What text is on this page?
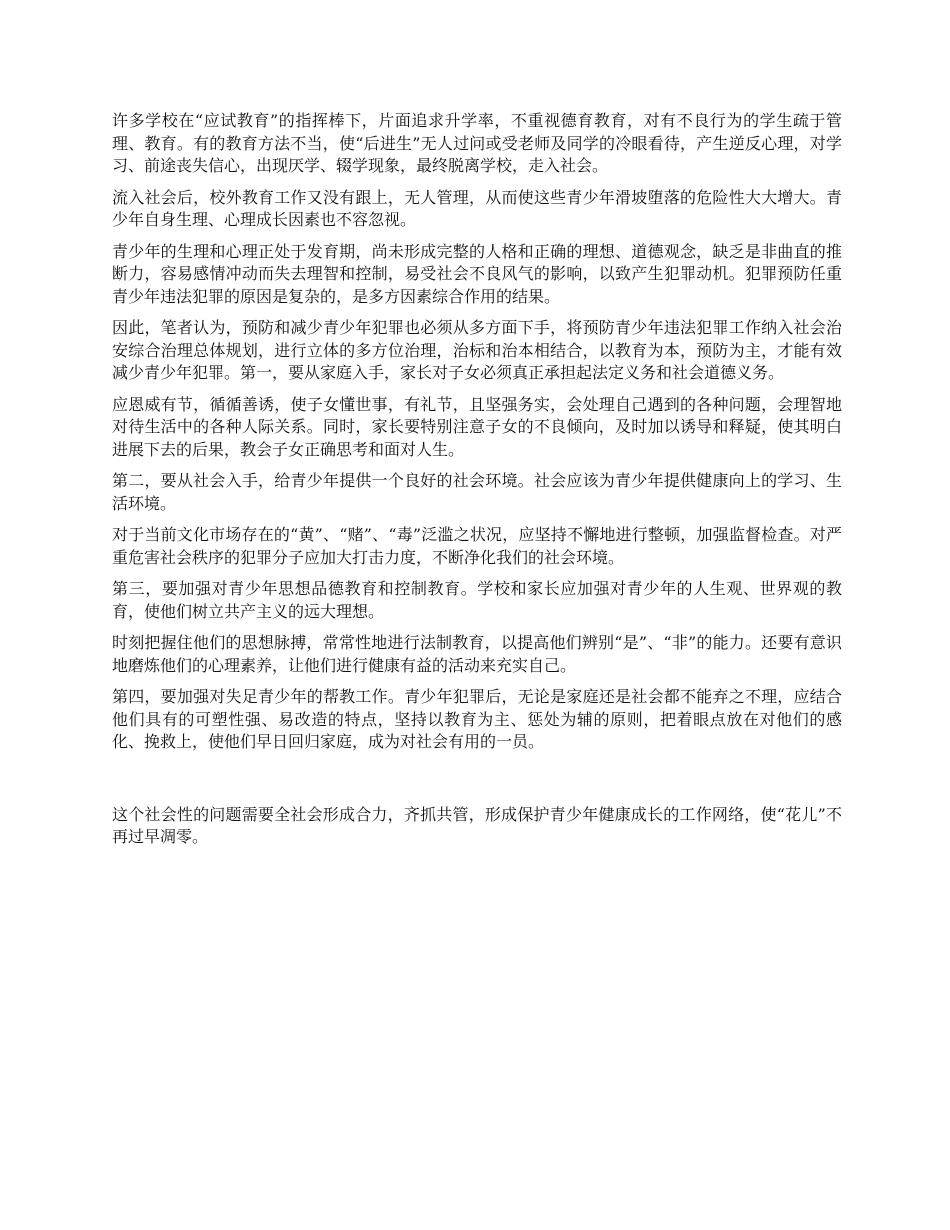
许多学校在“应试教育”的指挥棒下，片面追求升学率，不重视德育教育，对有不良行为的学生疏于管理、教育。有的教育方法不当，使“后进生”无人过问或受老师及同学的冷眼看待，产生逆反心理，对学习、前途丧失信心，出现厌学、辍学现象，最终脱离学校，走入社会。

流入社会后，校外教育工作又没有跟上，无人管理，从而使这些青少年滑坡堕落的危险性大大增大。青少年自身生理、心理成长因素也不容忽视。

青少年的生理和心理正处于发育期，尚未形成完整的人格和正确的理想、道德观念，缺乏是非曲直的推断力，容易感情冲动而失去理智和控制，易受社会不良风气的影响，以致产生犯罪动机。犯罪预防任重青少年违法犯罪的原因是复杂的，是多方因素综合作用的结果。

因此，笔者认为，预防和减少青少年犯罪也必须从多方面下手，将预防青少年违法犯罪工作纳入社会治安综合治理总体规划，进行立体的多方位治理，治标和治本相结合，以教育为本，预防为主，才能有效减少青少年犯罪。第一，要从家庭入手，家长对子女必须真正承担起法定义务和社会道德义务。

应恩威有节，循循善诱，使子女懂世事，有礼节，且坚强务实，会处理自己遇到的各种问题，会理智地对待生活中的各种人际关系。同时，家长要特别注意子女的不良倾向，及时加以诱导和释疑，使其明白进展下去的后果，教会子女正确思考和面对人生。

第二，要从社会入手，给青少年提供一个良好的社会环境。社会应该为青少年提供健康向上的学习、生活环境。

对于当前文化市场存在的“黄”、“赌”、“毒”泛滥之状况，应坚持不懈地进行整顿，加强监督检查。对严重危害社会秩序的犯罪分子应加大打击力度，不断净化我们的社会环境。

第三，要加强对青少年思想品德教育和控制教育。学校和家长应加强对青少年的人生观、世界观的教育，使他们树立共产主义的远大理想。

时刻把握住他们的思想脉搏，常常性地进行法制教育，以提高他们辨别“是”、“非”的能力。还要有意识地磨炼他们的心理素养，让他们进行健康有益的活动来充实自己。

第四，要加强对失足青少年的帮教工作。青少年犯罪后，无论是家庭还是社会都不能弃之不理，应结合他们具有的可塑性强、易改造的特点，坚持以教育为主、惩处为辅的原则，把着眼点放在对他们的感化、挽救上，使他们早日回归家庭，成为对社会有用的一员。

这个社会性的问题需要全社会形成合力，齐抓共管，形成保护青少年健康成长的工作网络，使“花儿”不再过早凋零。
